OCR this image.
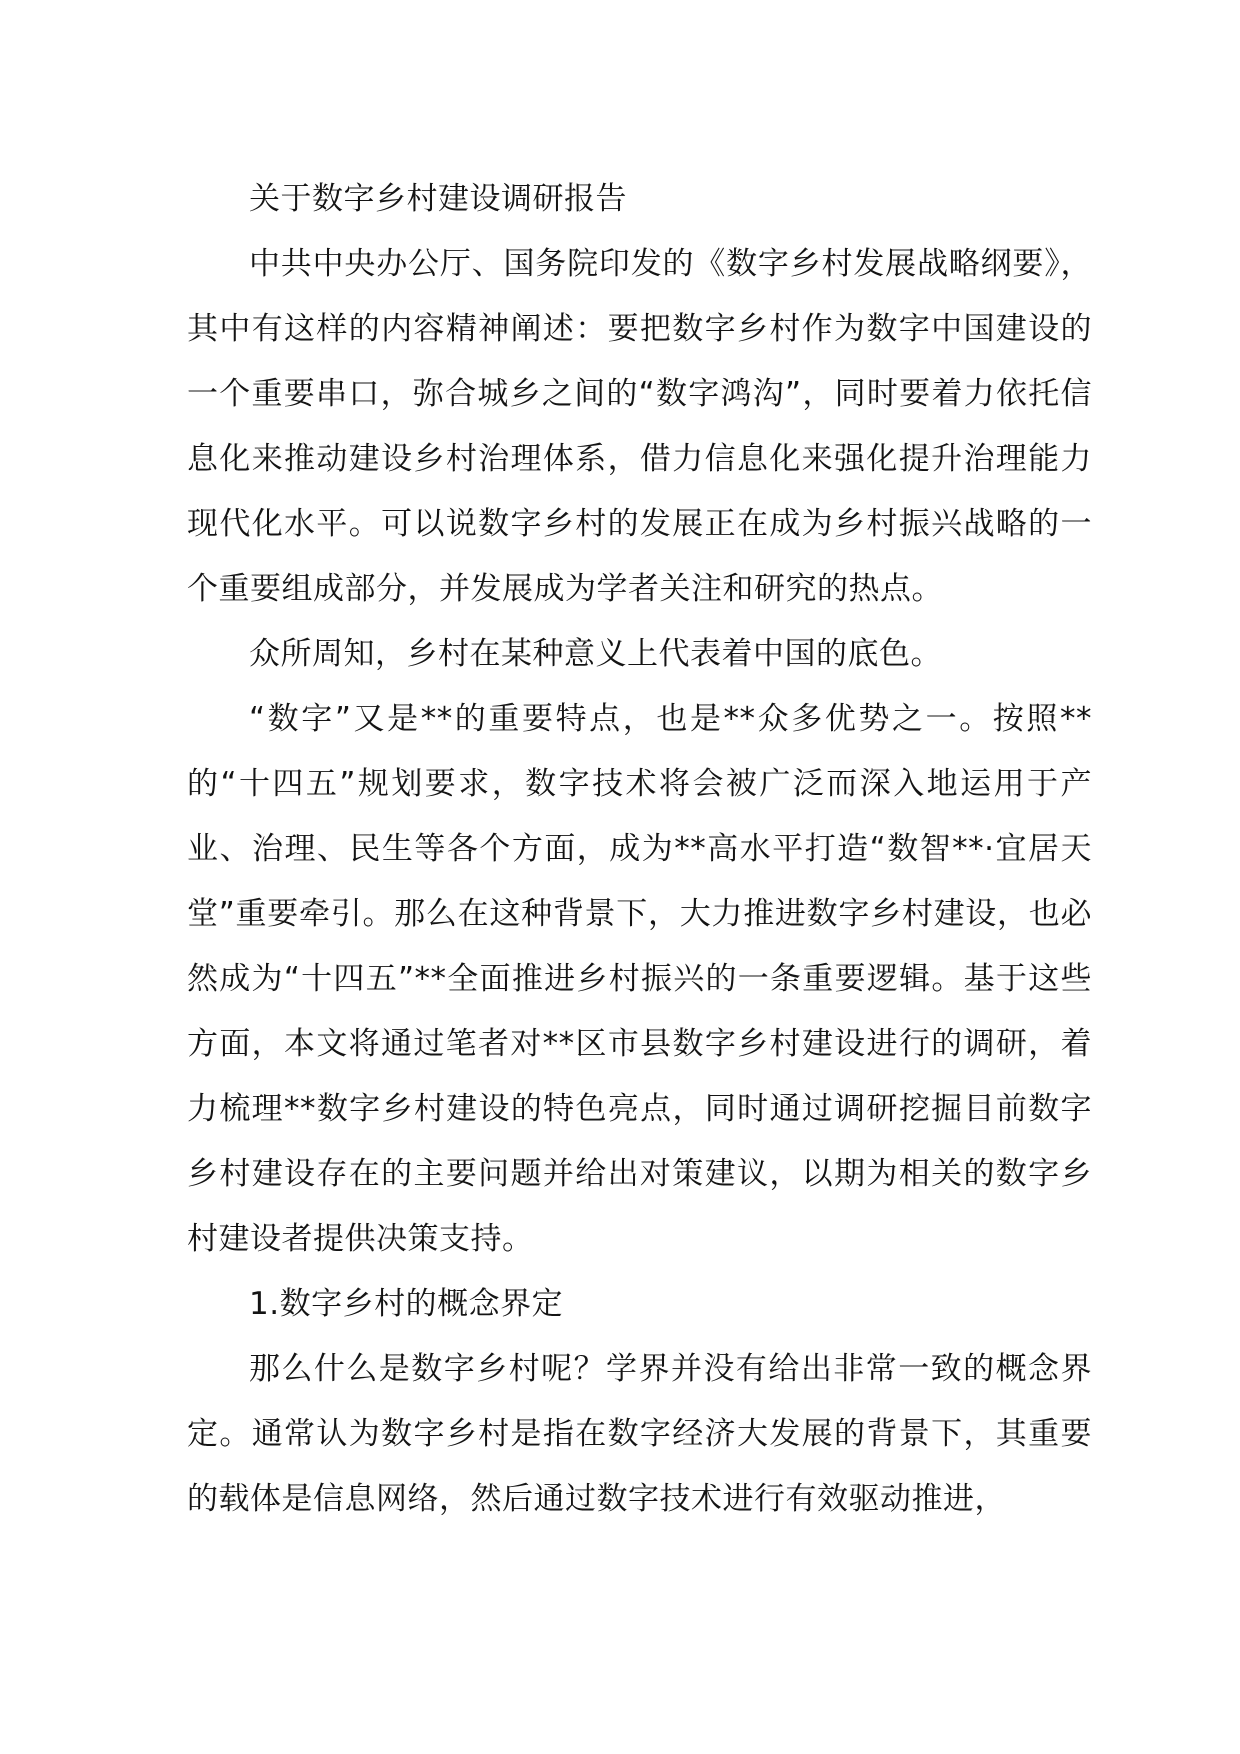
关于数字乡村建设调研报告

中共中央办公厅、国务院印发的《数字乡村发展战略纲要》，其中有这样的内容精神阐述：要把数字乡村作为数字中国建设的一个重要串口，弥合城乡之间的“数字鸿沟”，同时要着力依托信息化来推动建设乡村治理体系，借力信息化来强化提升治理能力现代化水平。可以说数字乡村的发展正在成为乡村振兴战略的一个重要组成部分，并发展成为学者关注和研究的热点。

众所周知，乡村在某种意义上代表着中国的底色。

“数字”又是**的重要特点，也是**众多优势之一。按照**的“十四五”规划要求，数字技术将会被广泛而深入地运用于产业、治理、民生等各个方面，成为**高水平打造“数智**·宜居天堂”重要牵引。那么在这种背景下，大力推进数字乡村建设，也必然成为“十四五”**全面推进乡村振兴的一条重要逻辑。基于这些方面，本文将通过笔者对**区市县数字乡村建设进行的调研，着力梳理**数字乡村建设的特色亮点，同时通过调研挖掘目前数字乡村建设存在的主要问题并给出对策建议，以期为相关的数字乡村建设者提供决策支持。

1.数字乡村的概念界定

那么什么是数字乡村呢？学界并没有给出非常一致的概念界定。通常认为数字乡村是指在数字经济大发展的背景下，其重要的载体是信息网络，然后通过数字技术进行有效驱动推进，
